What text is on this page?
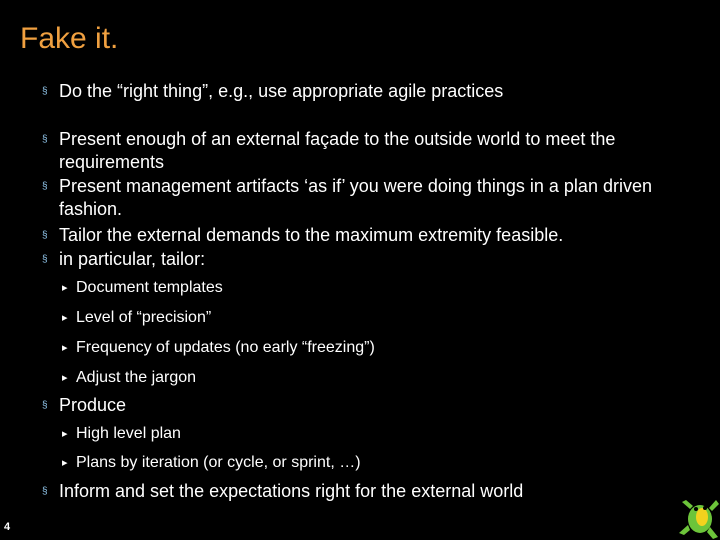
Fake it.
§ Do the “right thing”, e.g., use appropriate agile practices
§ Present enough of an external façade to the outside world to meet the requirements
§ Present management artifacts ‘as if’ you were doing things in a plan driven fashion.
§ Tailor the external demands to the maximum extremity feasible.
§ in particular, tailor:
▸ Document templates
▸ Level of “precision”
▸ Frequency of updates (no early “freezing”)
▸ Adjust the jargon
§ Produce
▸ High level plan
▸ Plans by iteration (or cycle, or sprint, …)
§ Inform and set the expectations right for the external world
4
